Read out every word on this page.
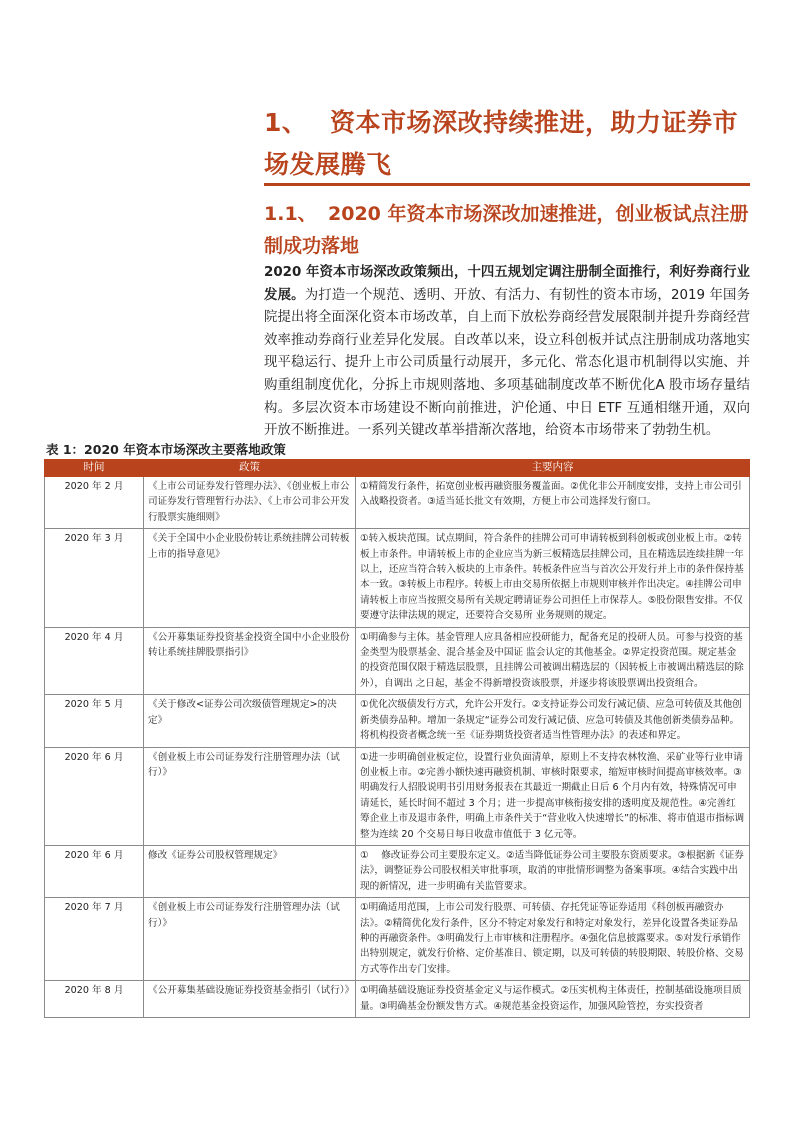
1、 资本市场深改持续推进，助力证券市场发展腾飞
1.1、 2020 年资本市场深改加速推进，创业板试点注册制成功落地

2020 年资本市场深改政策频出，十四五规划定调注册制全面推行，利好券商行业发展。为打造一个规范、透明、开放、有活力、有韧性的资本市场，2019 年国务院提出将全面深化资本市场改革，自上而下放松券商经营发展限制并提升券商经营效率推动券商行业差异化发展。自改革以来，设立科创板并试点注册制成功落地实现平稳运行、提升上市公司质量行动展开，多元化、常态化退市机制得以实施、并购重组制度优化，分拆上市规则落地、多项基础制度改革不断优化A 股市场存量结构。多层次资本市场建设不断向前推进，沪伦通、中日 ETF 互通相继开通，双向开放不断推进。一系列关键改革举措渐次落地，给资本市场带来了勃勃生机。

表 1：2020 年资本市场深改主要落地政策

时间	政策	主要内容
2020 年 2 月	《上市公司证券发行管理办法》、《创业板上市公司证券发行管理暂行办法》、《上市公司非公开发行股票实施细则》	①精简发行条件，拓宽创业板再融资服务覆盖面。②优化非公开制度安排，支持上市公司引入战略投资者。③适当延长批文有效期，方便上市公司选择发行窗口。
2020 年 3 月	《关于全国中小企业股份转让系统挂牌公司转板上市的指导意见》	①转入板块范围。试点期间，符合条件的挂牌公司可申请转板到科创板或创业板上市。②转板上市条件。申请转板上市的企业应当为新三板精选层挂牌公司，且在精选层连续挂牌一年以上，还应当符合转入板块的上市条件。转板条件应当与首次公开发行并上市的条件保持基本一致。③转板上市程序。转板上市由交易所依据上市规则审核并作出决定。④挂牌公司申请转板上市应当按照交易所有关规定聘请证券公司担任上市保荐人。⑤股份限售安排。不仅要遵守法律法规的规定，还要符合交易所 业务规则的规定。
2020 年 4 月	《公开募集证券投资基金投资全国中小企业股份转让系统挂牌股票指引》	①明确参与主体。基金管理人应具备相应投研能力，配备充足的投研人员。可参与投资的基金类型为股票基金、混合基金及中国证 监会认定的其他基金。②界定投资范围。规定基金的投资范围仅限于精选层股票，且挂牌公司被调出精选层的（因转板上市被调出精选层的除外），自调出 之日起，基金不得新增投资该股票，并逐步将该股票调出投资组合。
2020 年 5 月	《关于修改<证券公司次级债管理规定>的决定》	①优化次级债发行方式，允许公开发行。②支持证券公司发行减记债、应急可转债及其他创新类债券品种。增加一条规定“证券公司发行减记债、应急可转债及其他创新类债券品种。将机构投资者概念统一至《证券期货投资者适当性管理办法》的表述和界定。
2020 年 6 月	《创业板上市公司证券发行注册管理办法（试行）》	①进一步明确创业板定位，设置行业负面清单，原则上不支持农林牧渔、采矿业等行业申请创业板上市。②完善小额快速再融资机制、审核时限要求，缩短审核时间提高审核效率。③明确发行人招股说明书引用财务报表在其最近一期截止日后 6 个月内有效，特殊情况可申请延长，延长时间不超过 3 个月；进一步提高审核衔接安排的透明度及规范性。④完善红筹企业上市及退市条件，明确上市条件关于“营业收入快速增长”的标准、将市值退市指标调整为连续 20 个交易日每日收盘市值低于 3 亿元等。
2020 年 6 月	修改《证券公司股权管理规定》	①　 修改证券公司主要股东定义。②适当降低证券公司主要股东资质要求。③根据新《证券法》，调整证券公司股权相关审批事项，取消的审批情形调整为备案事项。④结合实践中出现的新情况，进一步明确有关监管要求。
2020 年 7 月	《创业板上市公司证券发行注册管理办法（试行）》	①明确适用范围，上市公司发行股票、可转债、存托凭证等证券适用《科创板再融资办法》。②精简优化发行条件，区分不特定对象发行和特定对象发行，差异化设置各类证券品种的再融资条件。③明确发行上市审核和注册程序。④强化信息披露要求。⑤对发行承销作出特别规定，就发行价格、定价基准日、锁定期，以及可转债的转股期限、转股价格、交易方式等作出专门安排。
2020 年 8 月	《公开募集基础设施证券投资基金指引（试行）》	①明确基础设施证券投资基金定义与运作模式。②压实机构主体责任，控制基础设施项目质量。③明确基金份额发售方式。④规范基金投资运作，加强风险管控，夯实投资者
